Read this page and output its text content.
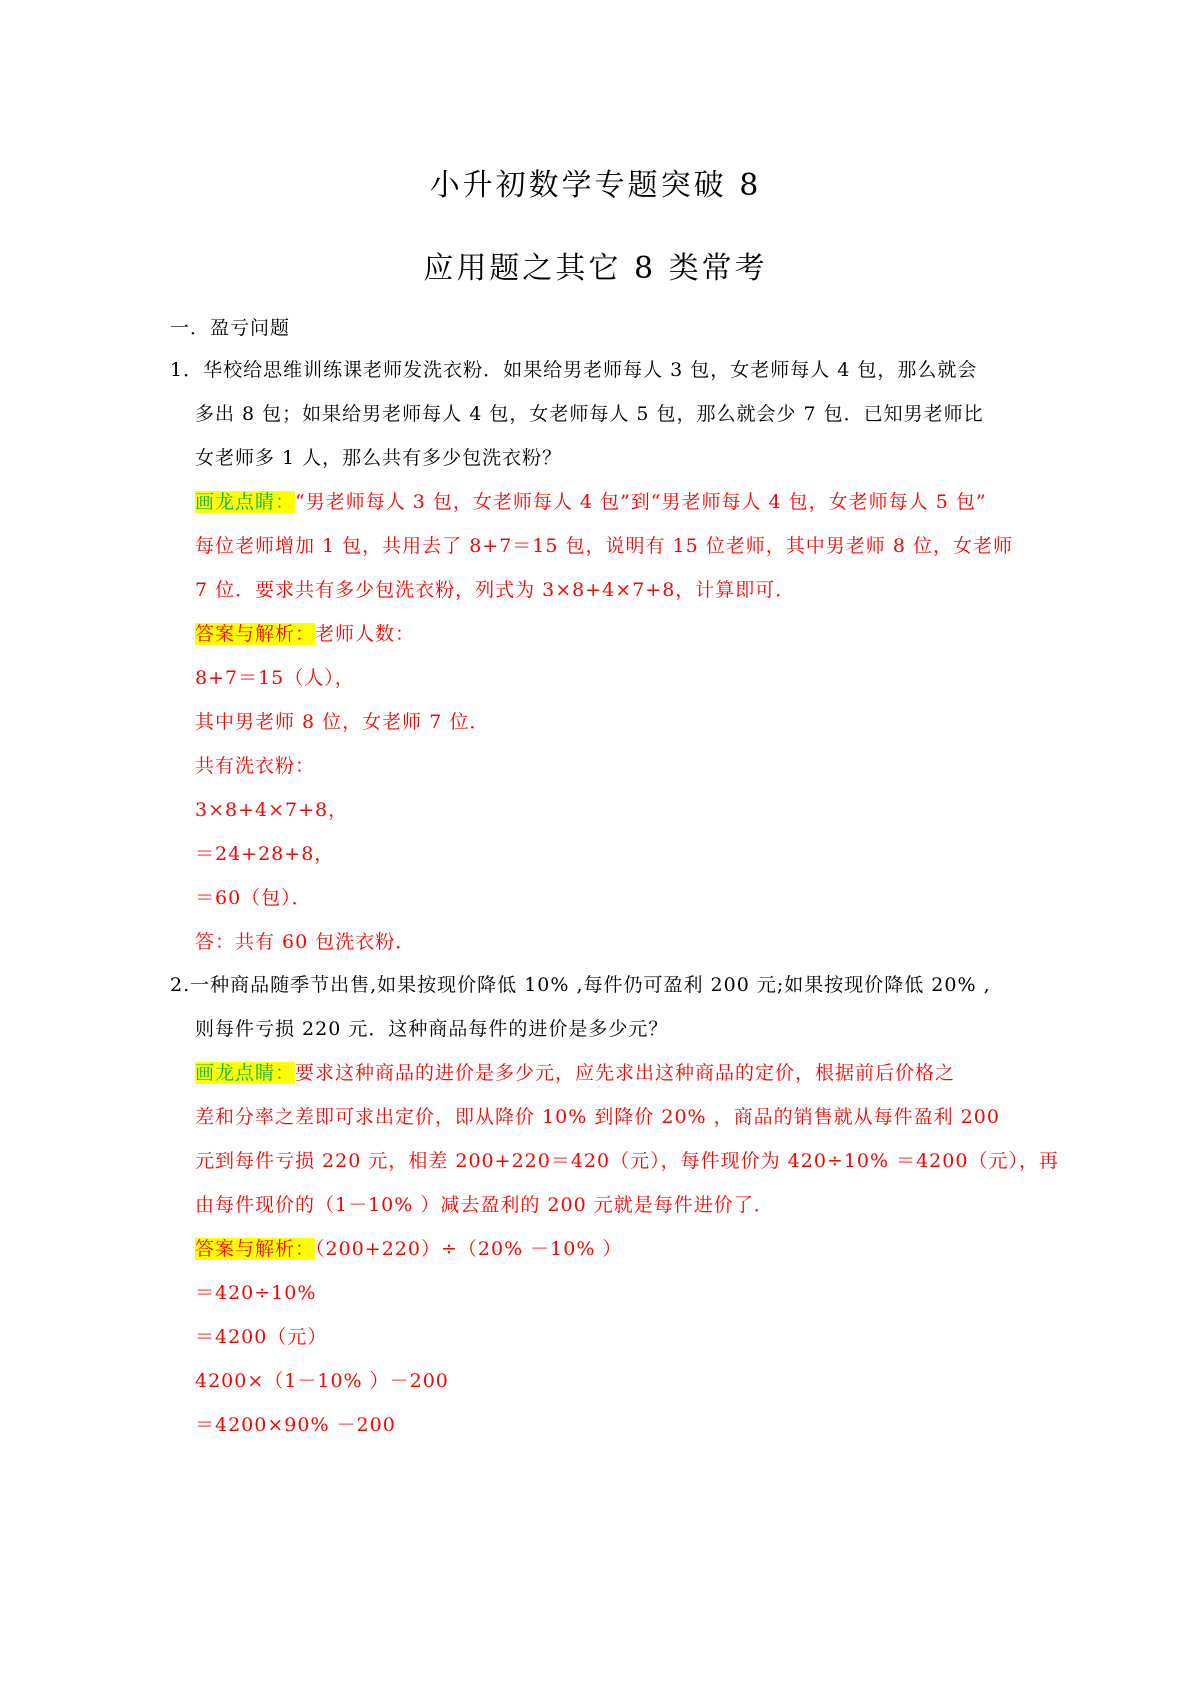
小升初数学专题突破 8
应用题之其它 8 类常考
一．盈亏问题
1．华校给思维训练课老师发洗衣粉．如果给男老师每人 3 包，女老师每人 4 包，那么就会
多出 8 包；如果给男老师每人 4 包，女老师每人 5 包，那么就会少 7 包．已知男老师比
女老师多 1 人，那么共有多少包洗衣粉？
画龙点睛：“男老师每人 3 包，女老师每人 4 包”到“男老师每人 4 包，女老师每人 5 包”
每位老师增加 1 包，共用去了 8+7＝15 包，说明有 15 位老师，其中男老师 8 位，女老师
7 位．要求共有多少包洗衣粉，列式为 3×8+4×7+8，计算即可．
答案与解析：老师人数：
8+7＝15（人），
其中男老师 8 位，女老师 7 位．
共有洗衣粉：
3×8+4×7+8，
＝24+28+8，
＝60（包）．
答：共有 60 包洗衣粉．
2.一种商品随季节出售,如果按现价降低 10% ,每件仍可盈利 200 元;如果按现价降低 20% ,
则每件亏损 220 元．这种商品每件的进价是多少元？
画龙点睛：要求这种商品的进价是多少元，应先求出这种商品的定价，根据前后价格之
差和分率之差即可求出定价，即从降价 10% 到降价 20% ，商品的销售就从每件盈利 200
元到每件亏损 220 元，相差 200+220＝420（元），每件现价为 420÷10% ＝4200（元），再
由每件现价的（1－10% ）减去盈利的 200 元就是每件进价了．
答案与解析：（200+220）÷（20% －10% ）
＝420÷10%
＝4200（元）
4200×（1－10% ）－200
＝4200×90% －200
